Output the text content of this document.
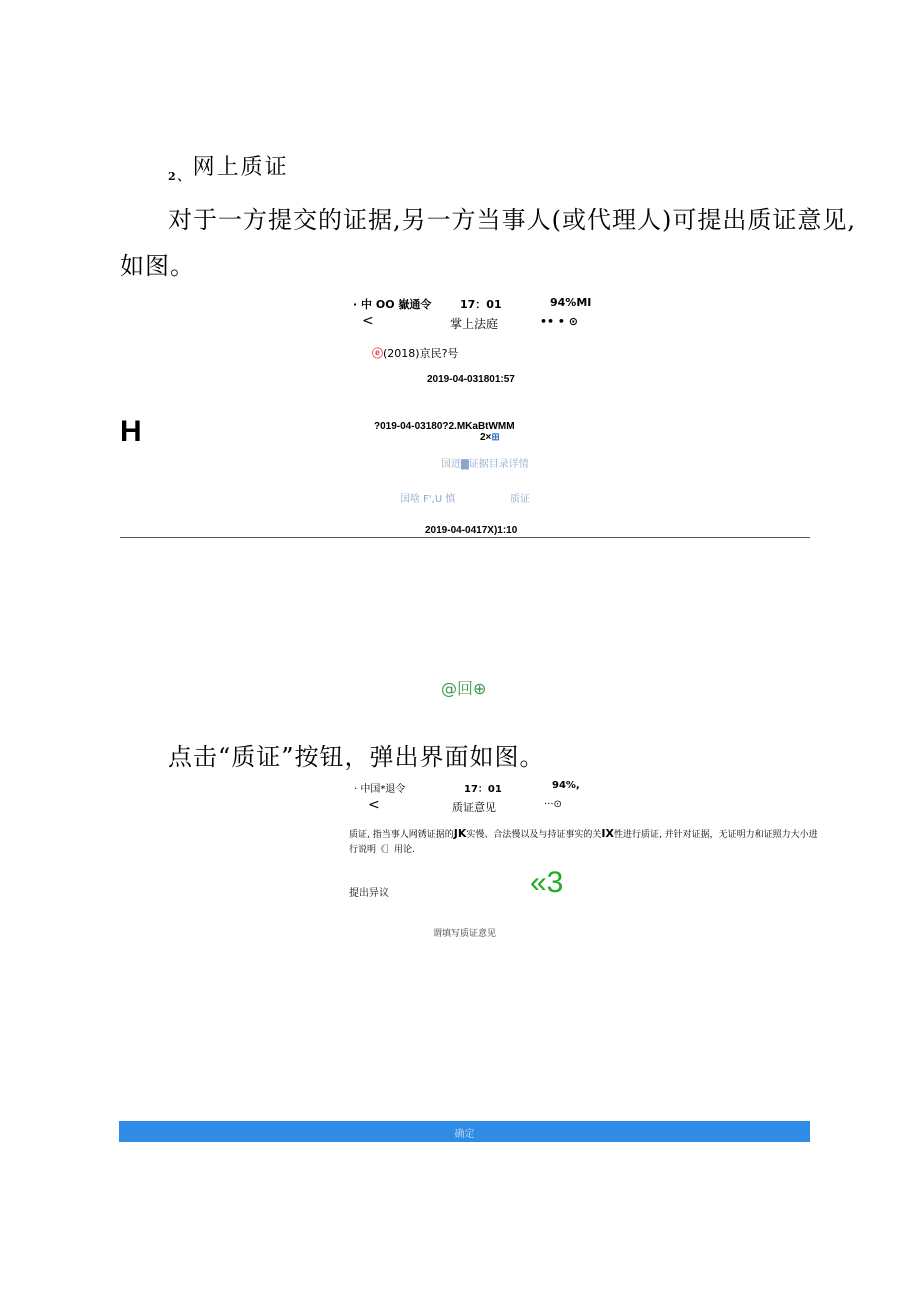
$_{2、}$网上质证
对于一方提交的证据,另一方当事人(或代理人)可提出质证意见,
如图。
· 中 OO 嶽通令	17：01	94%MI
<	掌上法庭	•• • ⊙
ⓔ(2018)京民?号
2019-04-031801:57
H	?019-04-03180?2.MKaBtWMM
2×⊞
国迸▇证据目录详情
国啥 F',U 慎	质证
2019-04-0417X)1:10
@回⊕
点击“质证”按钮，弹出界面如图。
· 中国*退令	17：01	94%,
<	质证意见	···⊙
质证, 指当事人网锈证据的JK实慢、合法慢以及与持证事实的关IX性进行质证, 并针对证据，无证明力和证照力大小进行说明《］用论.
提出异议	«3
谓填写质证意见
确定
